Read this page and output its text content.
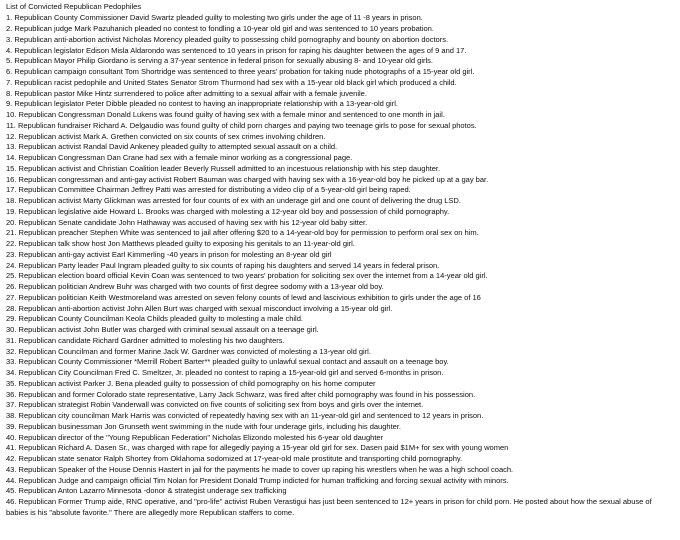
List of Convicted Republican Pedophiles
1. Republican County Commissioner David Swartz pleaded guilty to molesting two girls under the age of 11 -8 years in prison.
2. Republican judge Mark Pazuhanich pleaded no contest to fondling a 10-year old girl and was sentenced to 10 years probation.
3. Republican anti-abortion activist Nicholas Morency pleaded guilty to possessing child pornography and bounty on abortion doctors.
4. Republican legislator Edison Misla Aldarondo was sentenced to 10 years in prison for raping his daughter between the ages of 9 and 17.
5. Republican Mayor Philip Giordano is serving a 37-year sentence in federal prison for sexually abusing 8- and 10-year old girls.
6. Republican campaign consultant Tom Shortridge was sentenced to three years' probation for taking nude photographs of a 15-year old girl.
7. Republican racist pedophile and United States Senator Strom Thurmond had sex with a 15-year old black girl which produced a child.
8. Republican pastor Mike Hintz surrendered to police after admitting to a sexual affair with a female juvenile.
9. Republican legislator Peter Dibble pleaded no contest to having an inappropriate relationship with a 13-year-old girl.
10. Republican Congressman Donald Lukens was found guilty of having sex with a female minor and sentenced to one month in jail.
11. Republican fundraiser Richard A. Delgaudio was found guilty of child porn charges and paying two teenage girls to pose for sexual photos.
12. Republican activist Mark A. Grethen convicted on six counts of sex crimes involving children.
13. Republican activist Randal David Ankeney pleaded guilty to attempted sexual assault on a child.
14. Republican Congressman Dan Crane had sex with a female minor working as a congressional page.
15. Republican activist and Christian Coalition leader Beverly Russell admitted to an incestuous relationship with his step daughter.
16. Republican congressman and anti-gay activist Robert Bauman was charged with having sex with a 16-year-old boy he picked up at a gay bar.
17. Republican Committee Chairman Jeffrey Patti was arrested for distributing a video clip of a 5-year-old girl being raped.
18. Republican activist Marty Glickman was arrested for four counts of ex with an underage girl and one count of delivering the drug LSD.
19. Republican legislative aide Howard L. Brooks was charged with molesting a 12-year old boy and possession of child pornography.
20. Republican Senate candidate John Hathaway was accused of having sex with his 12-year old baby sitter.
21. Republican preacher Stephen White was sentenced to jail after offering $20 to a 14-year-old boy for permission to perform oral sex on him.
22. Republican talk show host Jon Matthews pleaded guilty to exposing his genitals to an 11-year-old girl.
23. Republican anti-gay activist Earl Kimmerling -40 years in prison for molesting an 8-year old girl
24. Republican Party leader Paul Ingram pleaded guilty to six counts of raping his daughters and served 14 years in federal prison.
25. Republican election board official Kevin Coan was sentenced to two years' probation for soliciting sex over the internet from a 14-year old girl.
26. Republican politician Andrew Buhr was charged with two counts of first degree sodomy with a 13-year old boy.
27. Republican politician Keith Westmoreland was arrested on seven felony counts of lewd and lascivious exhibition to girls under the age of 16
28. Republican anti-abortion activist John Allen Burt was charged with sexual misconduct involving a 15-year old girl.
29. Republican County Councilman Keola Childs pleaded guilty to molesting a male child.
30. Republican activist John Butler was charged with criminal sexual assault on a teenage girl.
31. Republican candidate Richard Gardner admitted to molesting his two daughters.
32. Republican Councilman and former Marine Jack W. Gardner was convicted of molesting a 13-year old girl.
33. Republican County Commissioner *Merrill Robert Barter** pleaded guilty to unlawful sexual contact and assault on a teenage boy.
34. Republican City Councilman Fred C. Smeltzer, Jr. pleaded no contest to raping a 15-year-old girl and served 6-months in prison.
35. Republican activist Parker J. Bena pleaded guilty to possession of child pornography on his home computer
36. Republican and former Colorado state representative, Larry Jack Schwarz, was fired after child pornography was found in his possession.
37. Republican strategist Robin Vanderwall was convicted on five counts of soliciting sex from boys and girls over the internet.
38. Republican city councilman Mark Harris was convicted of repeatedly having sex with an 11-year-old girl and sentenced to 12 years in prison.
39. Republican businessman Jon Grunseth went swimming in the nude with four underage girls, including his daughter.
40. Republican director of the "Young Republican Federation" Nicholas Elizondo molested his 6-year old daughter
41. Republican Richard A. Dasen Sr., was charged with rape for allegedly paying a 15-year old girl for sex. Dasen paid $1M+ for sex with young women
42. Republican state senator Ralph Shortey from Oklahoma sodomized at 17-year-old male prostitute and transporting child pornography.
43. Republican Speaker of the House Dennis Hastert in jail for the payments he made to cover up raping his wrestlers when he was a high school coach.
44. Republican Judge and campaign official Tim Nolan for President Donald Trump indicted for human trafficking and forcing sexual activity with minors.
45. Republican Anton Lazarro Minnesota -donor & strategist underage sex trafficking
46. Republican Former Trump aide, RNC operative, and "pro-life" activist Ruben Verastigui has just been sentenced to 12+ years in prison for child porn. He posted about how the sexual abuse of babies is his "absolute favorite." There are allegedly more Republican staffers to come.
